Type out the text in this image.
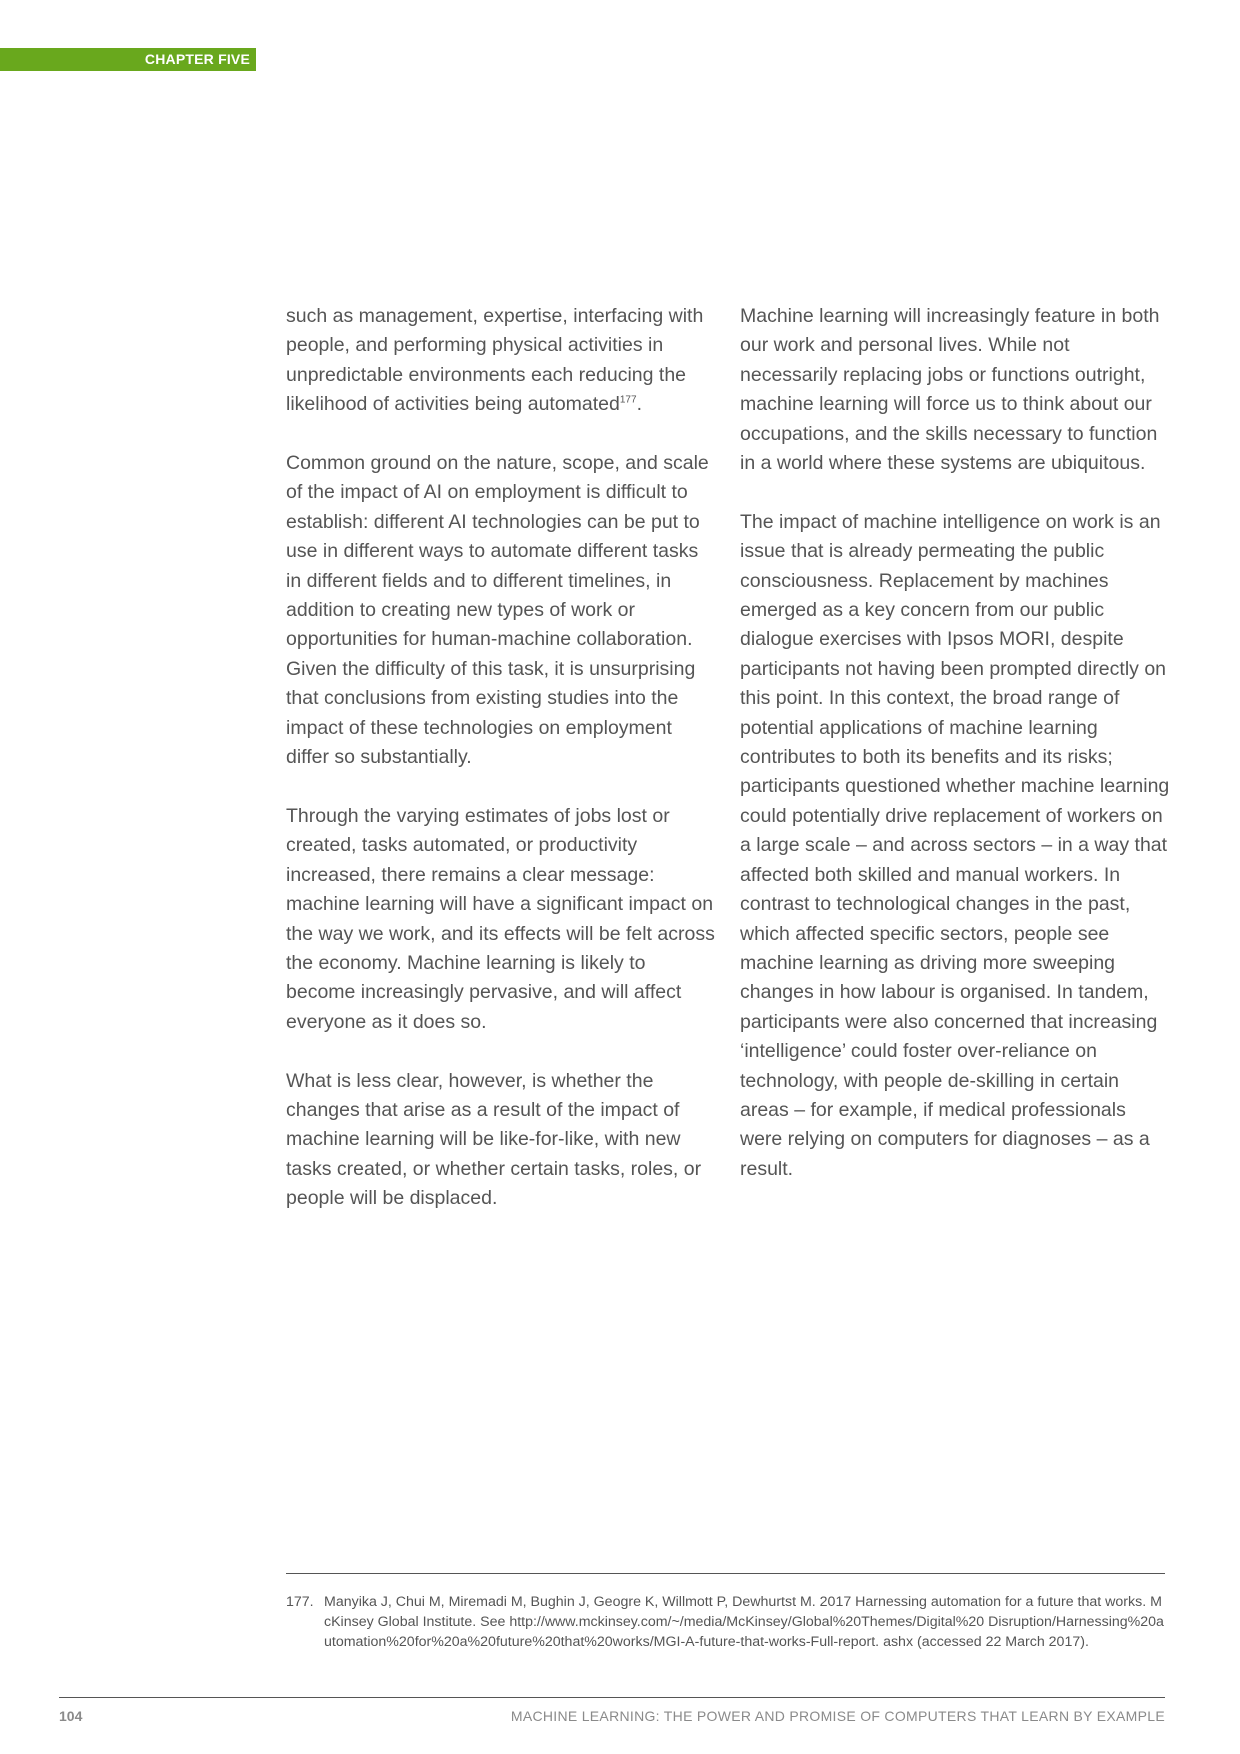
CHAPTER FIVE

such as management, expertise, interfacing with people, and performing physical activities in unpredictable environments each reducing the likelihood of activities being automated$^{177}$.

Common ground on the nature, scope, and scale of the impact of AI on employment is difficult to establish: different AI technologies can be put to use in different ways to automate different tasks in different fields and to different timelines, in addition to creating new types of work or opportunities for human-machine collaboration. Given the difficulty of this task, it is unsurprising that conclusions from existing studies into the impact of these technologies on employment differ so substantially.

Through the varying estimates of jobs lost or created, tasks automated, or productivity increased, there remains a clear message: machine learning will have a significant impact on the way we work, and its effects will be felt across the economy. Machine learning is likely to become increasingly pervasive, and will affect everyone as it does so.

What is less clear, however, is whether the changes that arise as a result of the impact of machine learning will be like-for-like, with new tasks created, or whether certain tasks, roles, or people will be displaced.

Machine learning will increasingly feature in both our work and personal lives. While not necessarily replacing jobs or functions outright, machine learning will force us to think about our occupations, and the skills necessary to function in a world where these systems are ubiquitous.

The impact of machine intelligence on work is an issue that is already permeating the public consciousness. Replacement by machines emerged as a key concern from our public dialogue exercises with Ipsos MORI, despite participants not having been prompted directly on this point. In this context, the broad range of potential applications of machine learning contributes to both its benefits and its risks; participants questioned whether machine learning could potentially drive replacement of workers on a large scale – and across sectors – in a way that affected both skilled and manual workers. In contrast to technological changes in the past, which affected specific sectors, people see machine learning as driving more sweeping changes in how labour is organised. In tandem, participants were also concerned that increasing ‘intelligence’ could foster over-reliance on technology, with people de-skilling in certain areas – for example, if medical professionals were relying on computers for diagnoses – as a result.

177. Manyika J, Chui M, Miremadi M, Bughin J, Geogre K, Willmott P, Dewhurtst M. 2017 Harnessing automation for a future that works. McKinsey Global Institute. See http://www.mckinsey.com/~/media/McKinsey/Global%20Themes/Digital%20 Disruption/Harnessing%20automation%20for%20a%20future%20that%20works/MGI-A-future-that-works-Full-report. ashx (accessed 22 March 2017).
104	MACHINE LEARNING: THE POWER AND PROMISE OF COMPUTERS THAT LEARN BY EXAMPLE
